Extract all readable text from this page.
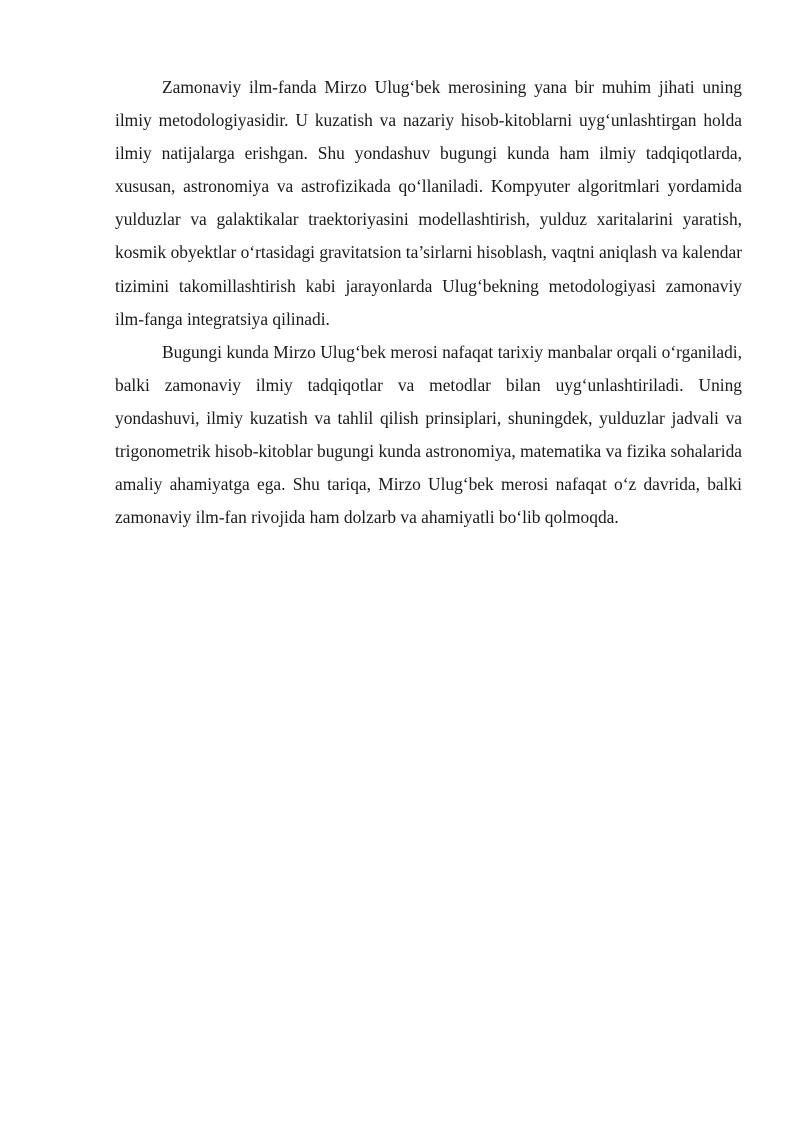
Zamonaviy ilm-fanda Mirzo Ulug‘bek merosining yana bir muhim jihati uning ilmiy metodologiyasidir. U kuzatish va nazariy hisob-kitoblarni uyg‘unlashtirgan holda ilmiy natijalarga erishgan. Shu yondashuv bugungi kunda ham ilmiy tadqiqotlarda, xususan, astronomiya va astrofizikada qo‘llaniladi. Kompyuter algoritmlari yordamida yulduzlar va galaktikalar traektoriyasini modellashtirish, yulduz xaritalarini yaratish, kosmik obyektlar o‘rtasidagi gravitatsion ta’sirlarni hisoblash, vaqtni aniqlash va kalendar tizimini takomillashtirish kabi jarayonlarda Ulug‘bekning metodologiyasi zamonaviy ilm-fanga integratsiya qilinadi.

Bugungi kunda Mirzo Ulug‘bek merosi nafaqat tarixiy manbalar orqali o‘rganiladi, balki zamonaviy ilmiy tadqiqotlar va metodlar bilan uyg‘unlashtiriladi. Uning yondashuvi, ilmiy kuzatish va tahlil qilish prinsiplari, shuningdek, yulduzlar jadvali va trigonometrik hisob-kitoblar bugungi kunda astronomiya, matematika va fizika sohalarida amaliy ahamiyatga ega. Shu tariqa, Mirzo Ulug‘bek merosi nafaqat o‘z davrida, balki zamonaviy ilm-fan rivojida ham dolzarb va ahamiyatli bo‘lib qolmoqda.
